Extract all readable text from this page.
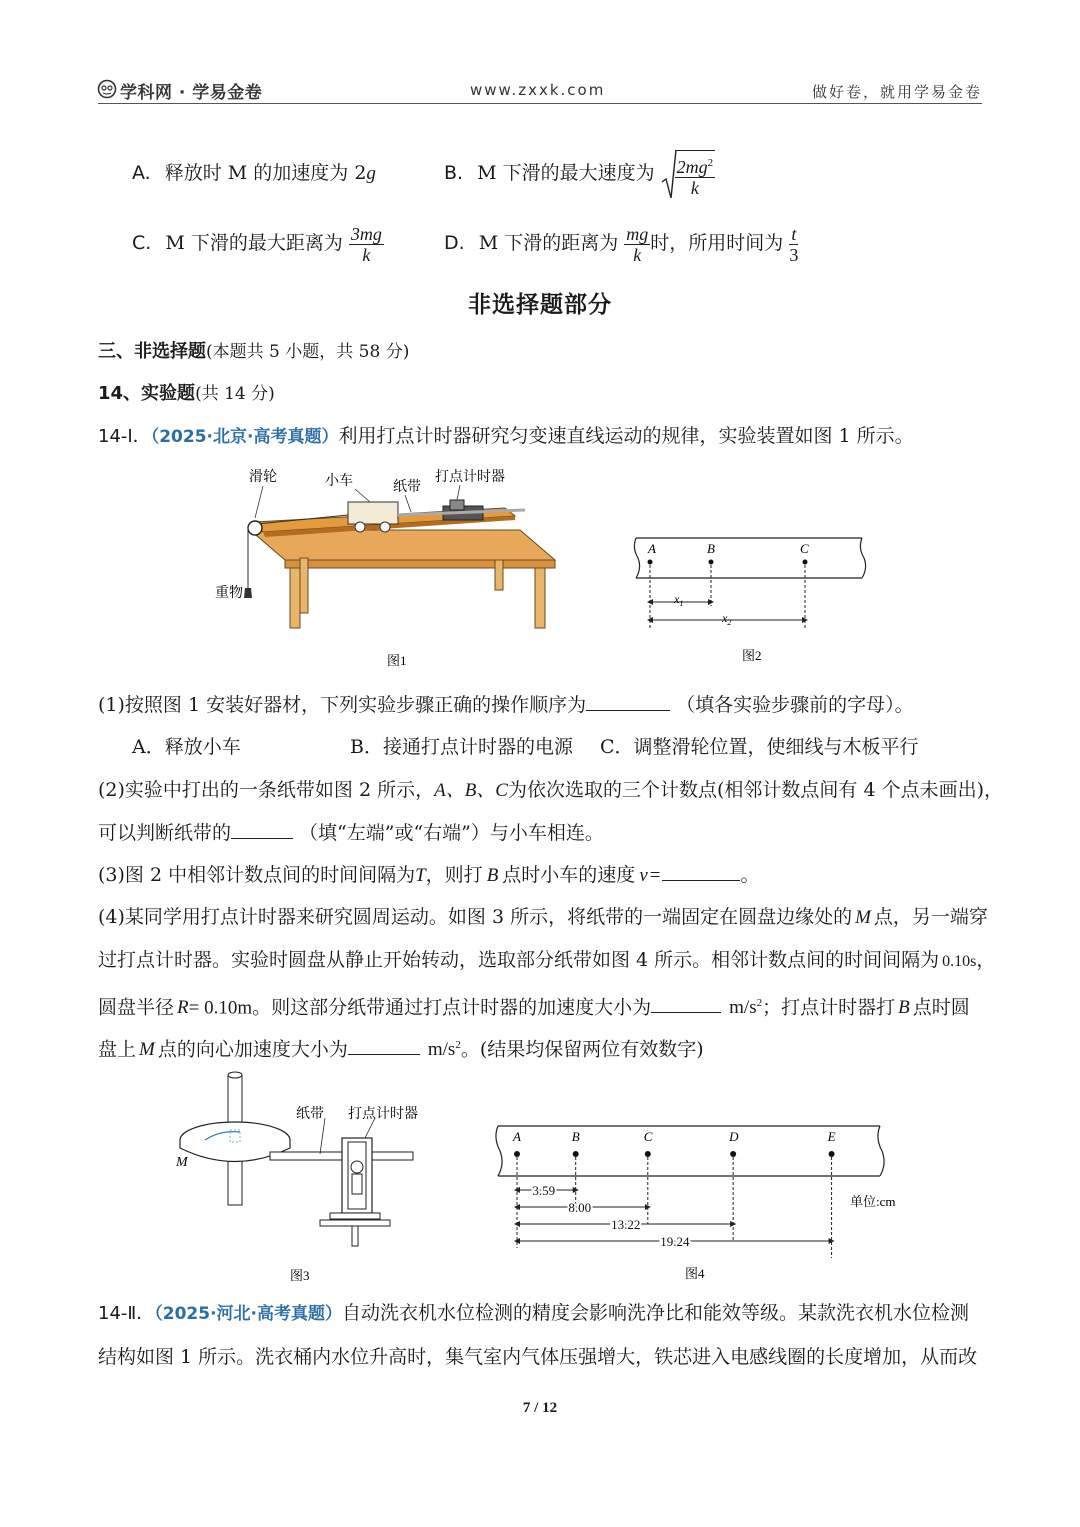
学科网 · 学易金卷	www.zxxk.com	做好卷，就用学易金卷
A. 释放时 M 的加速度为 2g	B. M 下滑的最大速度为 $\frac{2mg^2}{k}$
C. M 下滑的最大距离为 $\frac{3mg}{k}$	D. M 下滑的距离为 $\frac{mg}{k}$ 时，所用时间为 $\frac{t}{3}$
非选择题部分
三、非选择题(本题共 5 小题，共 58 分)
14、实验题(共 14 分)
14-Ⅰ．（2025·北京·高考真题）利用打点计时器研究匀变速直线运动的规律，实验装置如图 1 所示。
滑轮	小车	纸带
打点计时器
重物
图1
A	B	C
$x_1$
$x_2$
图2
(1)按照图 1 安装好器材，下列实验步骤正确的操作顺序为	（填各实验步骤前的字母）。
A．释放小车	B．接通打点计时器的电源 C．调整滑轮位置，使细线与木板平行
(2)实验中打出的一条纸带如图 2 所示，A、B、C为依次选取的三个计数点(相邻计数点间有 4 个点未画出)，
可以判断纸带的	（填“左端”或“右端”）与小车相连。
(3)图 2 中相邻计数点间的时间间隔为T，则打 B 点时小车的速度 v =	。
(4)某同学用打点计时器来研究圆周运动。如图 3 所示，将纸带的一端固定在圆盘边缘处的 M 点，另一端穿
过打点计时器。实验时圆盘从静止开始转动，选取部分纸带如图 4 所示。相邻计数点间的时间间隔为 0.10s，
圆盘半径 R= 0.10m。则这部分纸带通过打点计时器的加速度大小为	$m/s^2$；打点计时器打 B 点时圆
盘上 M 点的向心加速度大小为	$m/s^2$。(结果均保留两位有效数字)
纸带 打点计时器
M
图3
A	B	C	D	E
3.59
8.00
13.22
19.24
单位:cm
图4
14-Ⅱ．（2025·河北·高考真题）自动洗衣机水位检测的精度会影响洗净比和能效等级。某款洗衣机水位检测
结构如图 1 所示。洗衣桶内水位升高时，集气室内气体压强增大，铁芯进入电感线圈的长度增加，从而改
7 / 12
